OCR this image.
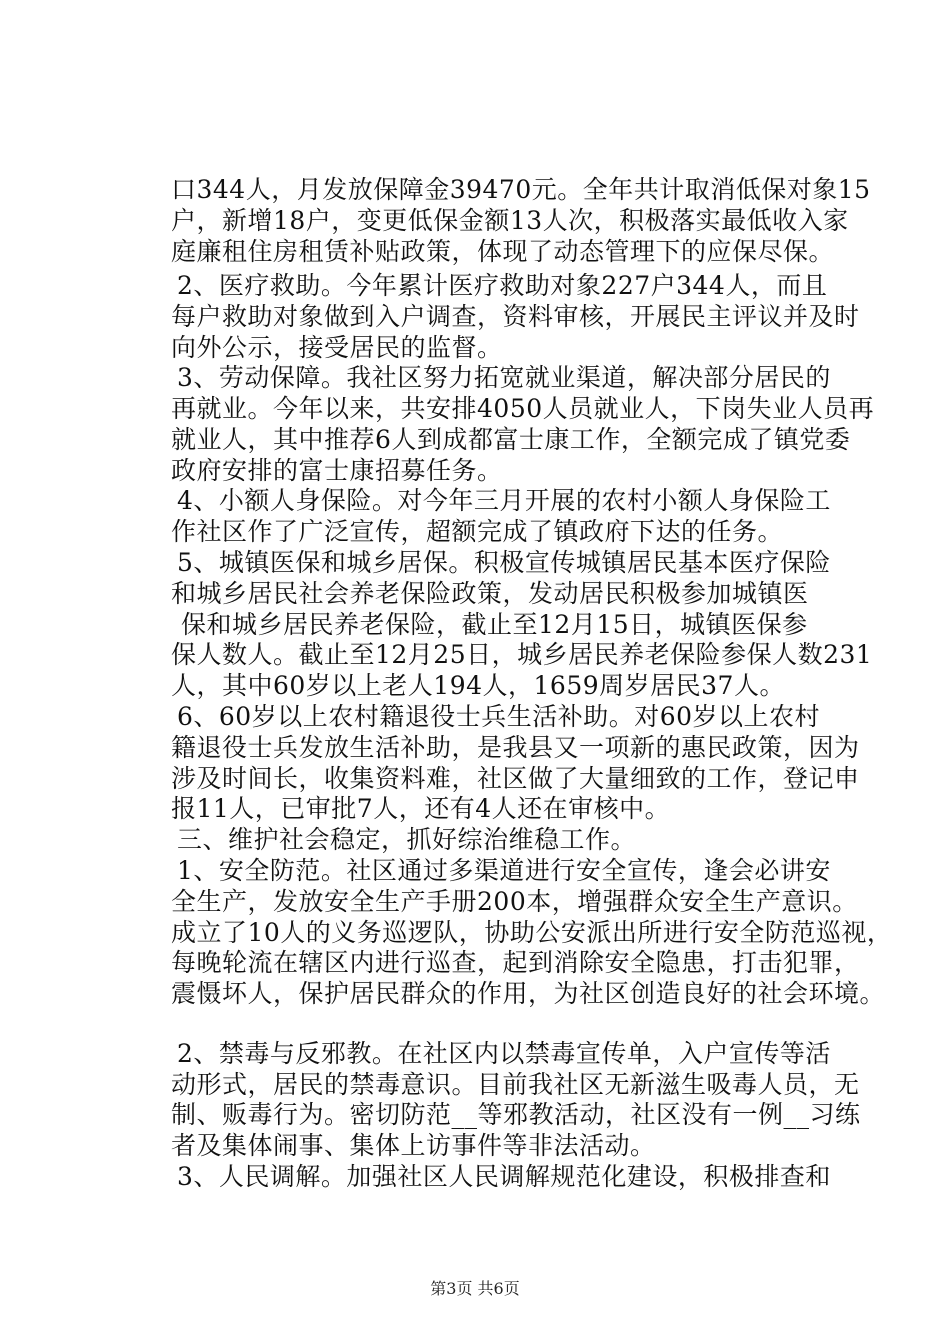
口344人，月发放保障金39470元。全年共计取消低保对象15
户，新增18户，变更低保金额13人次，积极落实最低收入家
庭廉租住房租赁补贴政策，体现了动态管理下的应保尽保。
2、医疗救助。今年累计医疗救助对象227户344人，而且
每户救助对象做到入户调查，资料审核，开展民主评议并及时
向外公示，接受居民的监督。
3、劳动保障。我社区努力拓宽就业渠道，解决部分居民的
再就业。今年以来，共安排4050人员就业人，下岗失业人员再
就业人，其中推荐6人到成都富士康工作，全额完成了镇党委
政府安排的富士康招募任务。
4、小额人身保险。对今年三月开展的农村小额人身保险工
作社区作了广泛宣传，超额完成了镇政府下达的任务。
5、城镇医保和城乡居保。积极宣传城镇居民基本医疗保险
和城乡居民社会养老保险政策，发动居民积极参加城镇医
保和城乡居民养老保险，截止至12月15日，城镇医保参
保人数人。截止至12月25日，城乡居民养老保险参保人数231
人，其中60岁以上老人194人，1659周岁居民37人。
6、60岁以上农村籍退役士兵生活补助。对60岁以上农村
籍退役士兵发放生活补助，是我县又一项新的惠民政策，因为
涉及时间长，收集资料难，社区做了大量细致的工作，登记申
报11人，已审批7人，还有4人还在审核中。
三、维护社会稳定，抓好综治维稳工作。
1、安全防范。社区通过多渠道进行安全宣传，逢会必讲安
全生产，发放安全生产手册200本，增强群众安全生产意识。
成立了10人的义务巡逻队，协助公安派出所进行安全防范巡视，
每晚轮流在辖区内进行巡查，起到消除安全隐患，打击犯罪，
震慑坏人，保护居民群众的作用，为社区创造良好的社会环境。
2、禁毒与反邪教。在社区内以禁毒宣传单，入户宣传等活
动形式，居民的禁毒意识。目前我社区无新滋生吸毒人员，无
制、贩毒行为。密切防范__等邪教活动，社区没有一例__习练
者及集体闹事、集体上访事件等非法活动。
3、人民调解。加强社区人民调解规范化建设，积极排查和
第3页 共6页
